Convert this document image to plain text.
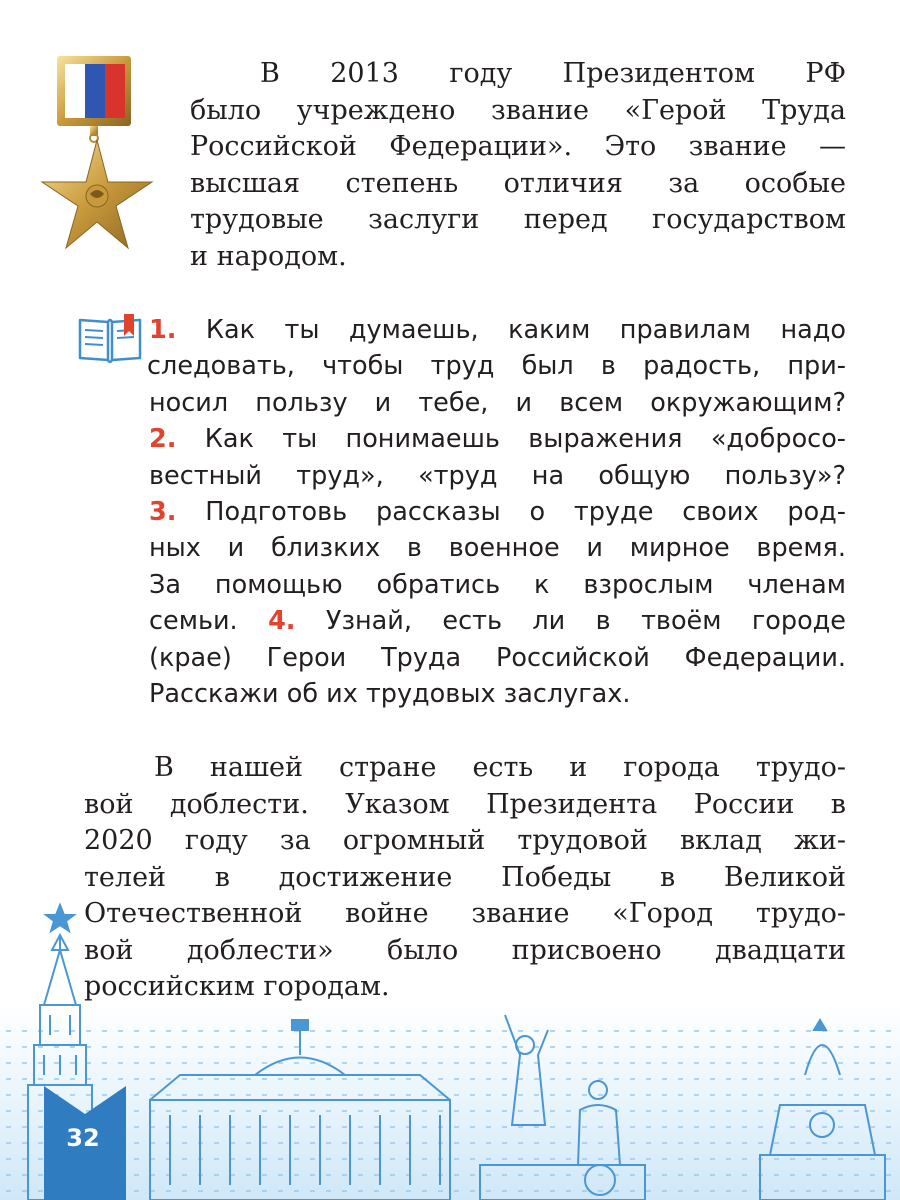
В 2013 году Президентом РФ
было учреждено звание «Герой Труда
Российской Федерации». Это звание —
высшая степень отличия за особые
трудовые заслуги перед государством
и народом.
1. Как ты думаешь, каким правилам надо
следовать, чтобы труд был в радость, при-
носил пользу и тебе, и всем окружающим?
2. Как ты понимаешь выражения «добросо-
вестный труд», «труд на общую пользу»?
3. Подготовь рассказы о труде своих род-
ных и близких в военное и мирное время.
За помощью обратись к взрослым членам
семьи. 4. Узнай, есть ли в твоём городе
(крае) Герои Труда Российской Федерации.
Расскажи об их трудовых заслугах.
В нашей стране есть и города трудо-
вой доблести. Указом Президента России в
2020 году за огромный трудовой вклад жи-
телей в достижение Победы в Великой
Отечественной войне звание «Город трудо-
вой доблести» было присвоено двадцати
российским городам.
32
